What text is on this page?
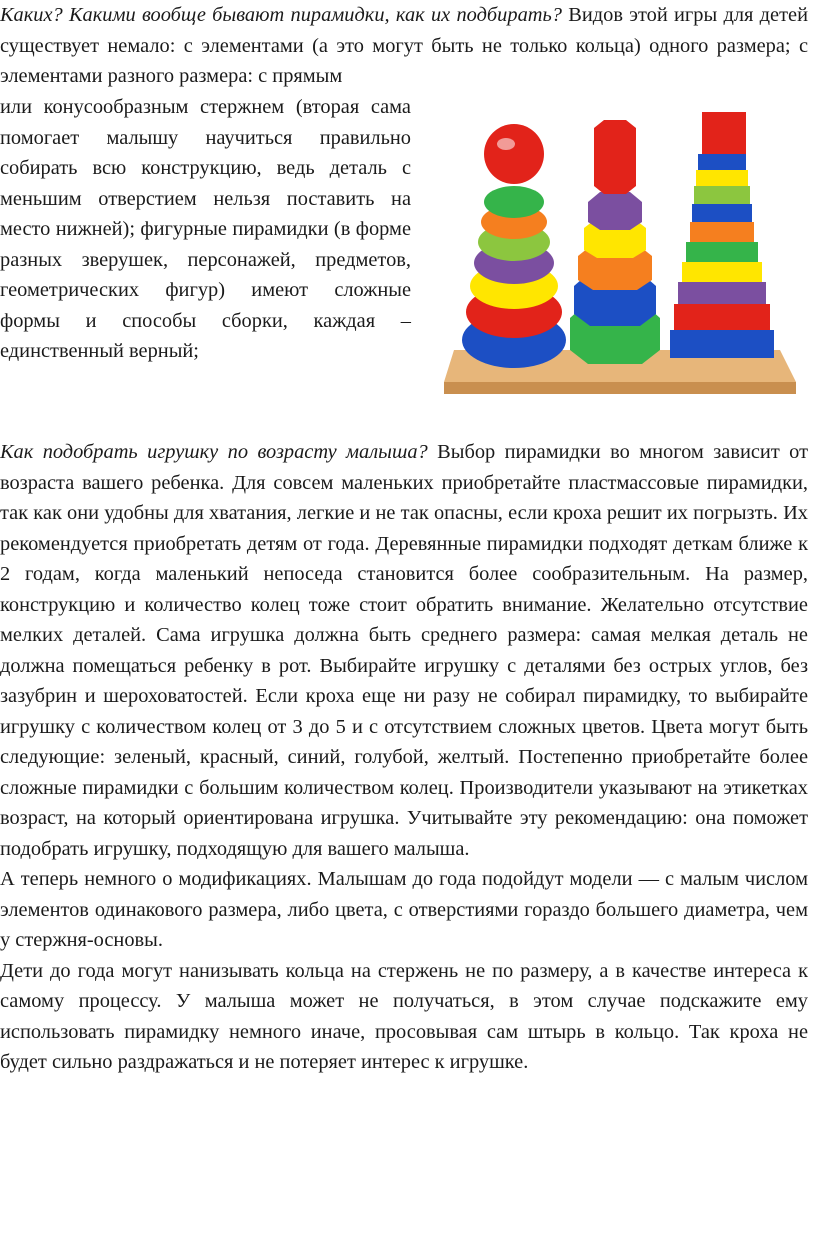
Каких? Какими вообще бывают пирамидки, как их подбирать? Видов этой игры для детей существует немало: с элементами (а это могут быть не только кольца) одного размера; с элементами разного размера: с прямым

или конусообразным стержнем (вторая сама помогает малышу научиться правильно собирать всю конструкцию, ведь деталь с меньшим отверстием нельзя поставить на место нижней); фигурные пирамидки (в форме разных зверушек, персонажей, предметов, геометрических фигур) имеют сложные формы и способы сборки, каждая – единственный верный;

Как подобрать игрушку по возрасту малыша? Выбор пирамидки во многом зависит от возраста вашего ребенка. Для совсем маленьких приобретайте пластмассовые пирамидки, так как они удобны для хватания, легкие и не так опасны, если кроха решит их погрызть. Их рекомендуется приобретать детям от года. Деревянные пирамидки подходят деткам ближе к 2 годам, когда маленький непоседа становится более сообразительным. На размер, конструкцию и количество колец тоже стоит обратить внимание. Желательно отсутствие мелких деталей. Сама игрушка должна быть среднего размера: самая мелкая деталь не должна помещаться ребенку в рот. Выбирайте игрушку с деталями без острых углов, без зазубрин и шероховатостей. Если кроха еще ни разу не собирал пирамидку, то выбирайте игрушку с количеством колец от 3 до 5 и с отсутствием сложных цветов. Цвета могут быть следующие: зеленый, красный, синий, голубой, желтый. Постепенно приобретайте более сложные пирамидки с большим количеством колец. Производители указывают на этикетках возраст, на который ориентирована игрушка. Учитывайте эту рекомендацию: она поможет подобрать игрушку, подходящую для вашего малыша.

А теперь немного о модификациях. Малышам до года подойдут модели — с малым числом элементов одинакового размера, либо цвета, с отверстиями гораздо большего диаметра, чем у стержня-основы.

Дети до года могут нанизывать кольца на стержень не по размеру, а в качестве интереса к самому процессу. У малыша может не получаться, в этом случае подскажите ему использовать пирамидку немного иначе, просовывая сам штырь в кольцо. Так кроха не будет сильно раздражаться и не потеряет интерес к игрушке.
